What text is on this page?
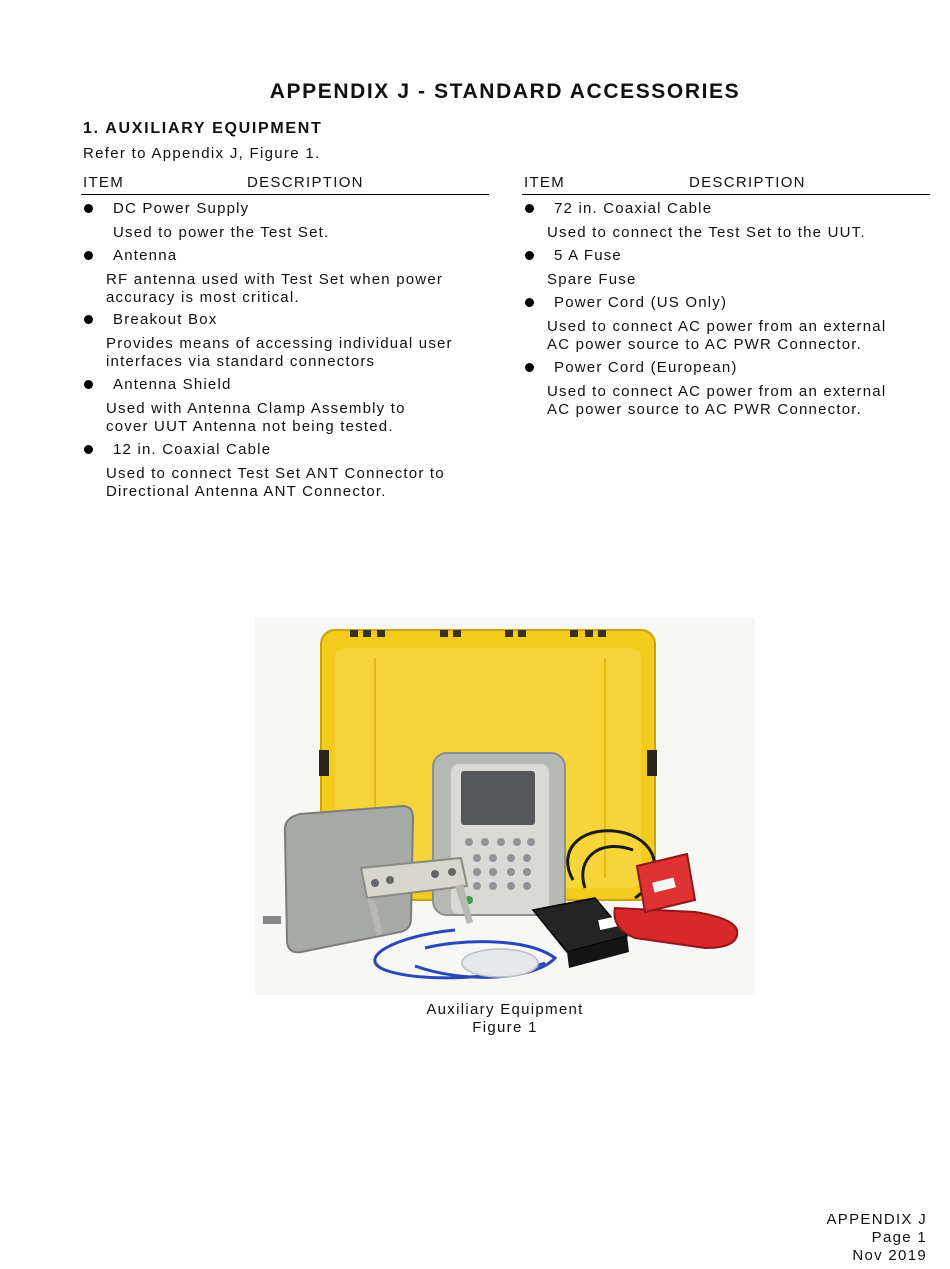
APPENDIX J - STANDARD ACCESSORIES
1. AUXILIARY EQUIPMENT
Refer to Appendix J, Figure 1.
ITEM	DESCRIPTION	ITEM	DESCRIPTION
DC Power Supply
Used to power the Test Set.
Antenna
RF antenna used with Test Set when power
accuracy is most critical.
Breakout Box
Provides means of accessing individual user
interfaces via standard connectors
Antenna Shield
Used with Antenna Clamp Assembly to
cover UUT Antenna not being tested.
12 in. Coaxial Cable
Used to connect Test Set ANT Connector to
Directional Antenna ANT Connector.
72 in. Coaxial Cable
Used to connect the Test Set to the UUT.
5 A Fuse
Spare Fuse
Power Cord (US Only)
Used to connect AC power from an external
AC power source to AC PWR Connector.
Power Cord (European)
Used to connect AC power from an external
AC power source to AC PWR Connector.
Auxiliary Equipment
Figure 1
APPENDIX J
Page 1
Nov 2019
